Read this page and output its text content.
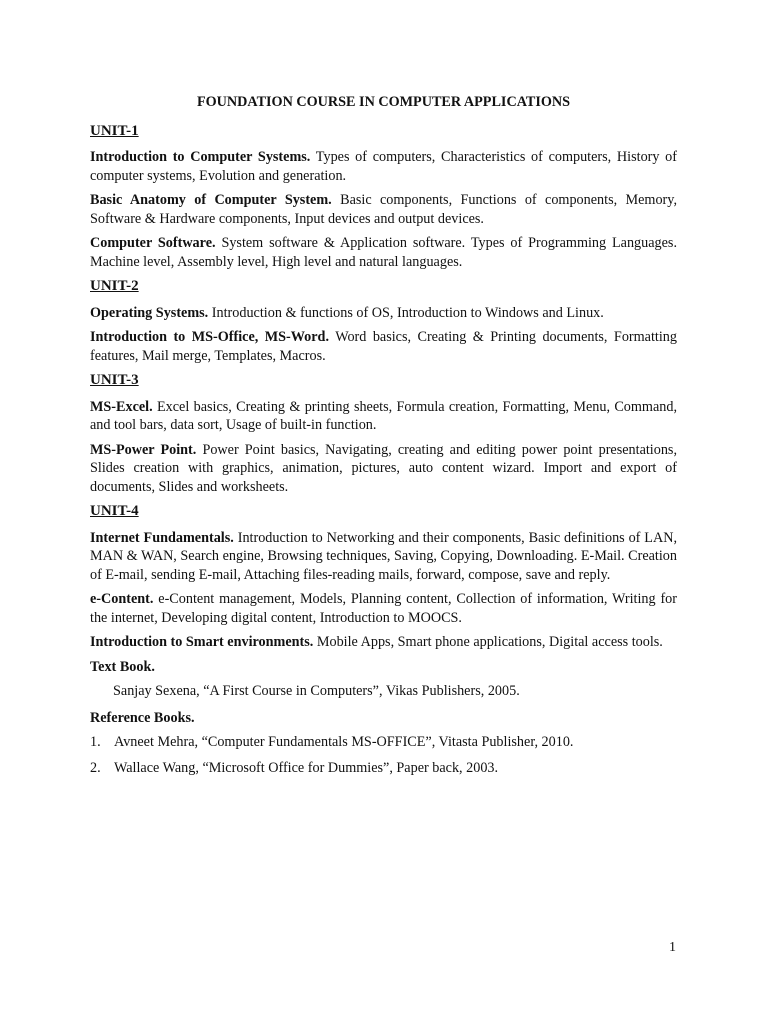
FOUNDATION COURSE IN COMPUTER APPLICATIONS
UNIT-1

Introduction to Computer Systems. Types of computers, Characteristics of computers, History of computer systems, Evolution and generation.

Basic Anatomy of Computer System. Basic components, Functions of components, Memory, Software & Hardware components, Input devices and output devices.

Computer Software. System software & Application software. Types of Programming Languages. Machine level, Assembly level, High level and natural languages.

UNIT-2

Operating Systems. Introduction & functions of OS, Introduction to Windows and Linux.

Introduction to MS-Office, MS-Word. Word basics, Creating & Printing documents, Formatting features, Mail merge, Templates, Macros.

UNIT-3

MS-Excel. Excel basics, Creating & printing sheets, Formula creation, Formatting, Menu, Command, and tool bars, data sort, Usage of built-in function.

MS-Power Point. Power Point basics, Navigating, creating and editing power point presentations, Slides creation with graphics, animation, pictures, auto content wizard. Import and export of documents, Slides and worksheets.

UNIT-4

Internet Fundamentals. Introduction to Networking and their components, Basic definitions of LAN, MAN & WAN, Search engine, Browsing techniques, Saving, Copying, Downloading. E-Mail. Creation of E-mail, sending E-mail, Attaching files-reading mails, forward, compose, save and reply.

e-Content. e-Content management, Models, Planning content, Collection of information, Writing for the internet, Developing digital content, Introduction to MOOCS.

Introduction to Smart environments. Mobile Apps, Smart phone applications, Digital access tools.

Text Book.
Sanjay Sexena, “A First Course in Computers”, Vikas Publishers, 2005.
Reference Books.
1. Avneet Mehra, “Computer Fundamentals MS-OFFICE”, Vitasta Publisher, 2010.
2. Wallace Wang, “Microsoft Office for Dummies”, Paper back, 2003.
1
